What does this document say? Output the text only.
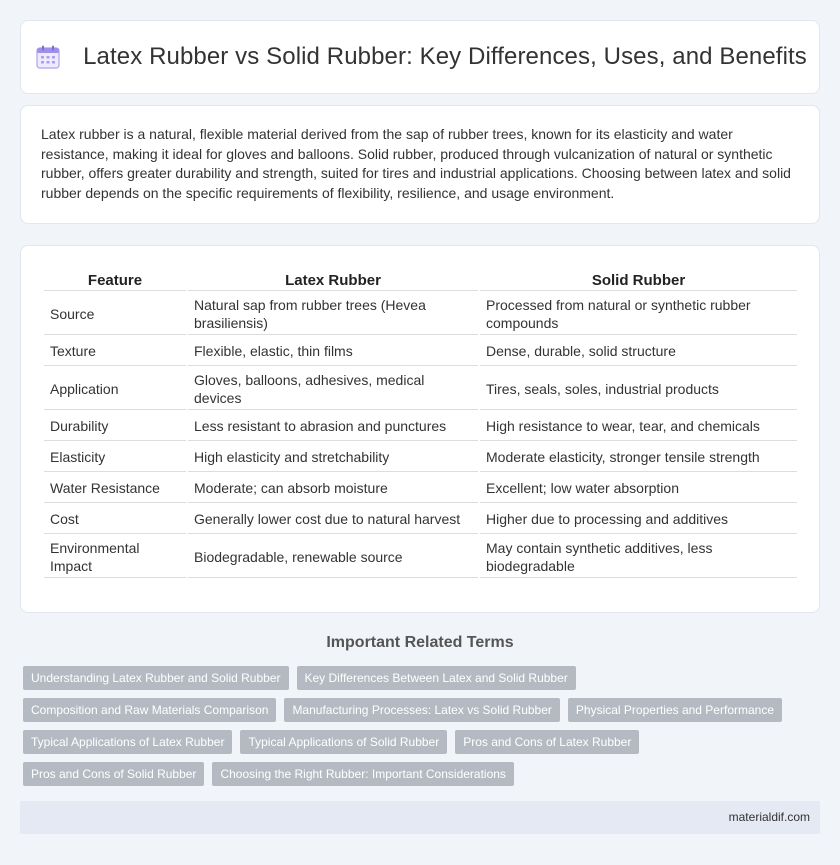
Latex Rubber vs Solid Rubber: Key Differences, Uses, and Benefits

Latex rubber is a natural, flexible material derived from the sap of rubber trees, known for its elasticity and water resistance, making it ideal for gloves and balloons. Solid rubber, produced through vulcanization of natural or synthetic rubber, offers greater durability and strength, suited for tires and industrial applications. Choosing between latex and solid rubber depends on the specific requirements of flexibility, resilience, and usage environment.

Feature	Latex Rubber	Solid Rubber
Source	Natural sap from rubber trees (Hevea brasiliensis)	Processed from natural or synthetic rubber compounds
Texture	Flexible, elastic, thin films	Dense, durable, solid structure
Application	Gloves, balloons, adhesives, medical devices	Tires, seals, soles, industrial products
Durability	Less resistant to abrasion and punctures	High resistance to wear, tear, and chemicals
Elasticity	High elasticity and stretchability	Moderate elasticity, stronger tensile strength
Water Resistance	Moderate; can absorb moisture	Excellent; low water absorption
Cost	Generally lower cost due to natural harvest	Higher due to processing and additives
Environmental Impact	Biodegradable, renewable source	May contain synthetic additives, less biodegradable
Important Related Terms
Understanding Latex Rubber and Solid Rubber	Key Differences Between Latex and Solid Rubber
Composition and Raw Materials Comparison	Manufacturing Processes: Latex vs Solid Rubber	Physical Properties and Performance
Typical Applications of Latex Rubber	Typical Applications of Solid Rubber	Pros and Cons of Latex Rubber
Pros and Cons of Solid Rubber	Choosing the Right Rubber: Important Considerations
materialdif.com
